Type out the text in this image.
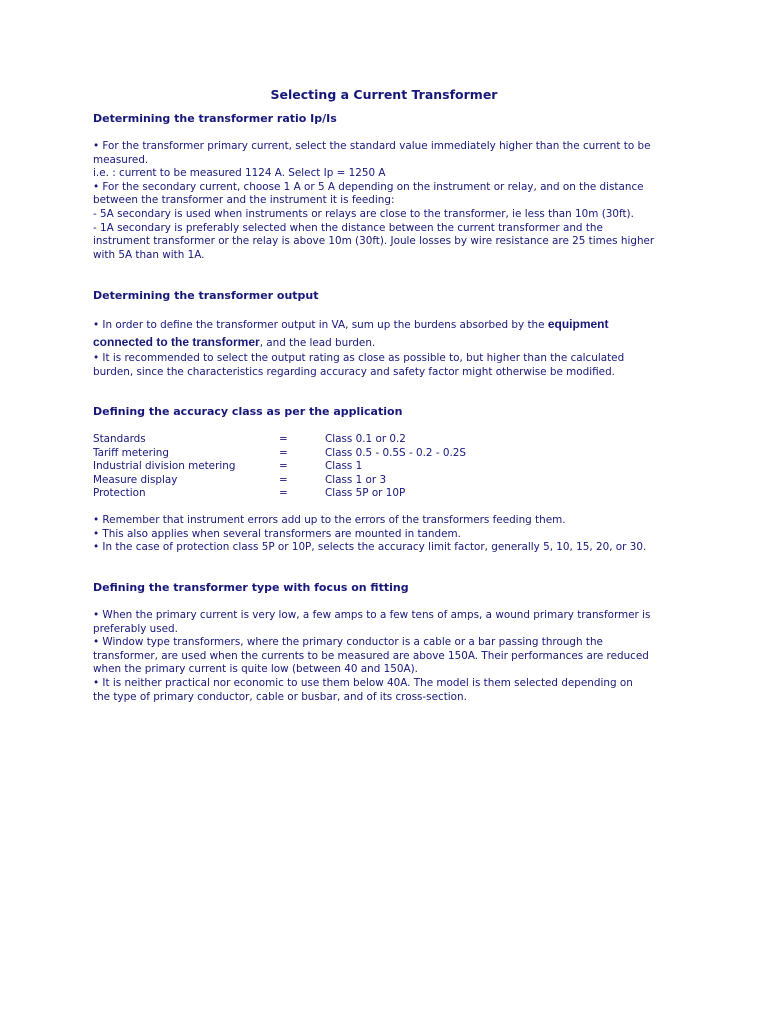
Selecting a Current Transformer
Determining the transformer ratio Ip/Is
• For the transformer primary current, select the standard value immediately higher than the current to be
measured.
i.e. : current to be measured 1124 A. Select Ip = 1250 A
• For the secondary current, choose 1 A or 5 A depending on the instrument or relay, and on the distance
between the transformer and the instrument it is feeding:
- 5A secondary is used when instruments or relays are close to the transformer, ie less than 10m (30ft).
- 1A secondary is preferably selected when the distance between the current transformer and the
instrument transformer or the relay is above 10m (30ft). Joule losses by wire resistance are 25 times higher
with 5A than with 1A.
Determining the transformer output
• In order to define the transformer output in VA, sum up the burdens absorbed by the equipment
connected to the transformer, and the lead burden.
• It is recommended to select the output rating as close as possible to, but higher than the calculated
burden, since the characteristics regarding accuracy and safety factor might otherwise be modified.
Defining the accuracy class as per the application
Standards	=	Class 0.1 or 0.2
Tariff metering	=	Class 0.5 - 0.5S - 0.2 - 0.2S
Industrial division metering	=	Class 1
Measure display	=	Class 1 or 3
Protection	=	Class 5P or 10P
• Remember that instrument errors add up to the errors of the transformers feeding them.
• This also applies when several transformers are mounted in tandem.
• In the case of protection class 5P or 10P, selects the accuracy limit factor, generally 5, 10, 15, 20, or 30.
Defining the transformer type with focus on fitting
• When the primary current is very low, a few amps to a few tens of amps, a wound primary transformer is
preferably used.
• Window type transformers, where the primary conductor is a cable or a bar passing through the
transformer, are used when the currents to be measured are above 150A. Their performances are reduced
when the primary current is quite low (between 40 and 150A).
• It is neither practical nor economic to use them below 40A. The model is them selected depending on
the type of primary conductor, cable or busbar, and of its cross-section.
